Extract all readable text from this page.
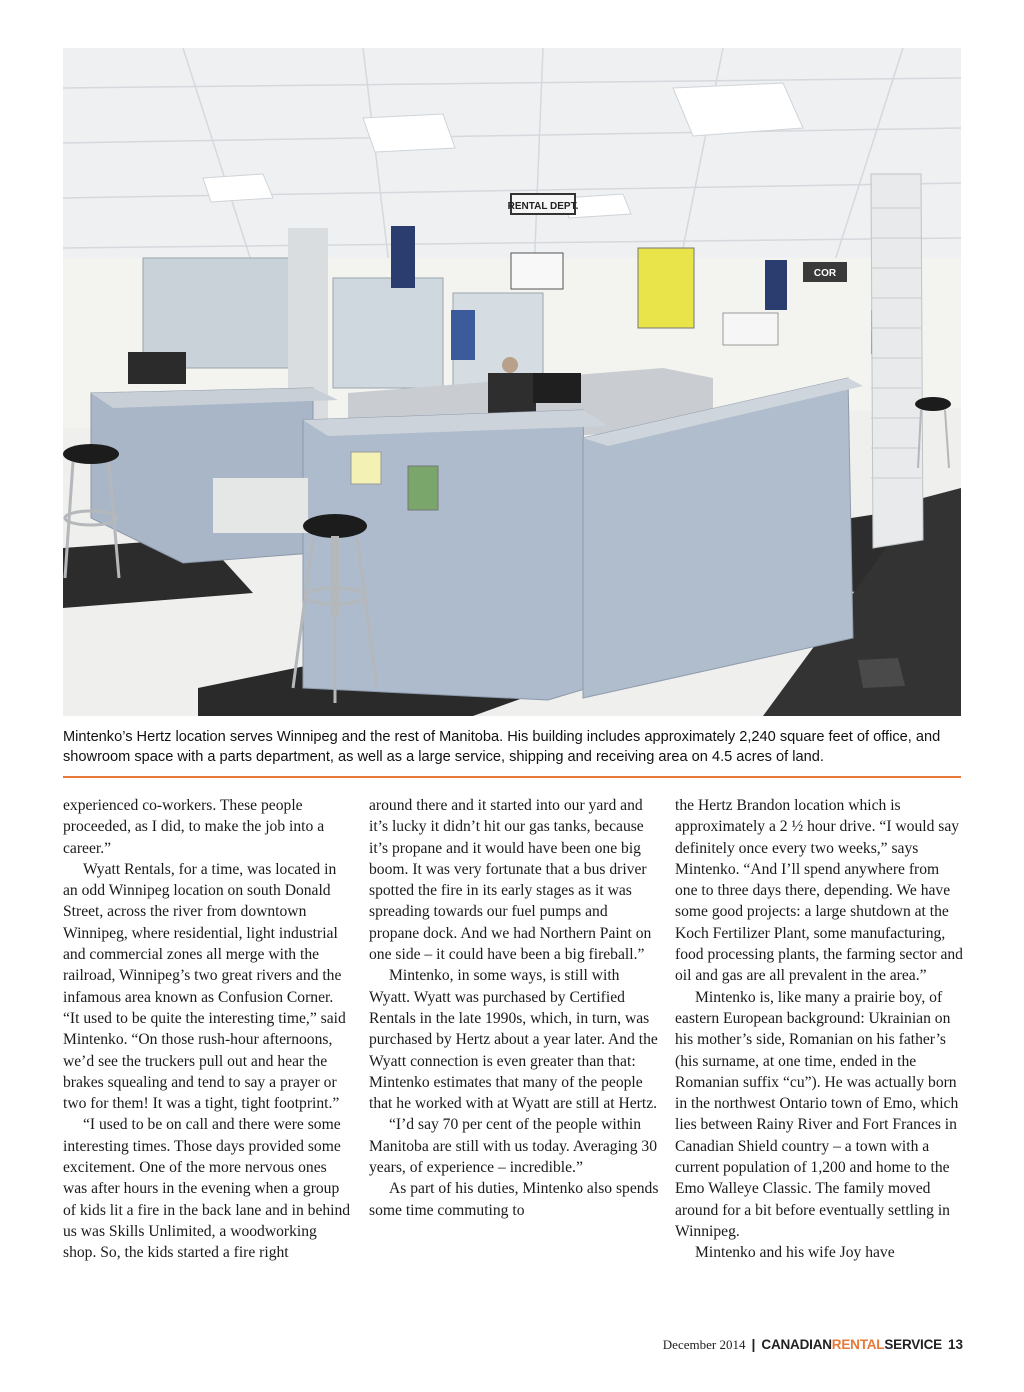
RENTAL DEPT.
COR
Mintenko’s Hertz location serves Winnipeg and the rest of Manitoba. His building includes approximately 2,240 square feet of office, and showroom space with a parts department, as well as a large service, shipping and receiving area on 4.5 acres of land.

experienced co-workers. These people proceeded, as I did, to make the job into a career.”

Wyatt Rentals, for a time, was located in an odd Winnipeg location on south Donald Street, across the river from downtown Winnipeg, where residential, light industrial and commercial zones all merge with the railroad, Winnipeg’s two great rivers and the infamous area known as Confusion Corner. “It used to be quite the interesting time,” said Mintenko. “On those rush-hour afternoons, we’d see the truckers pull out and hear the brakes squealing and tend to say a prayer or two for them! It was a tight, tight footprint.”

“I used to be on call and there were some interesting times. Those days provided some excitement. One of the more nervous ones was after hours in the evening when a group of kids lit a fire in the back lane and in behind us was Skills Unlimited, a woodworking shop. So, the kids started a fire right

around there and it started into our yard and it’s lucky it didn’t hit our gas tanks, because it’s propane and it would have been one big boom. It was very fortunate that a bus driver spotted the fire in its early stages as it was spreading towards our fuel pumps and propane dock. And we had Northern Paint on one side – it could have been a big fireball.”

Mintenko, in some ways, is still with Wyatt. Wyatt was purchased by Certified Rentals in the late 1990s, which, in turn, was purchased by Hertz about a year later. And the Wyatt connection is even greater than that: Mintenko estimates that many of the people that he worked with at Wyatt are still at Hertz.

“I’d say 70 per cent of the people within Manitoba are still with us today. Averaging 30 years, of experience – incredible.”

As part of his duties, Mintenko also spends some time commuting to

the Hertz Brandon location which is approximately a 2 ½ hour drive. “I would say definitely once every two weeks,” says Mintenko. “And I’ll spend anywhere from one to three days there, depending. We have some good projects: a large shutdown at the Koch Fertilizer Plant, some manufacturing, food processing plants, the farming sector and oil and gas are all prevalent in the area.”

Mintenko is, like many a prairie boy, of eastern European background: Ukrainian on his mother’s side, Romanian on his father’s (his surname, at one time, ended in the Romanian suffix “cu”). He was actually born in the northwest Ontario town of Emo, which lies between Rainy River and Fort Frances in Canadian Shield country – a town with a current population of 1,200 and home to the Emo Walleye Classic. The family moved around for a bit before eventually settling in Winnipeg.

Mintenko and his wife Joy have

December 2014 | CANADIANRENTALSERVICE 13
